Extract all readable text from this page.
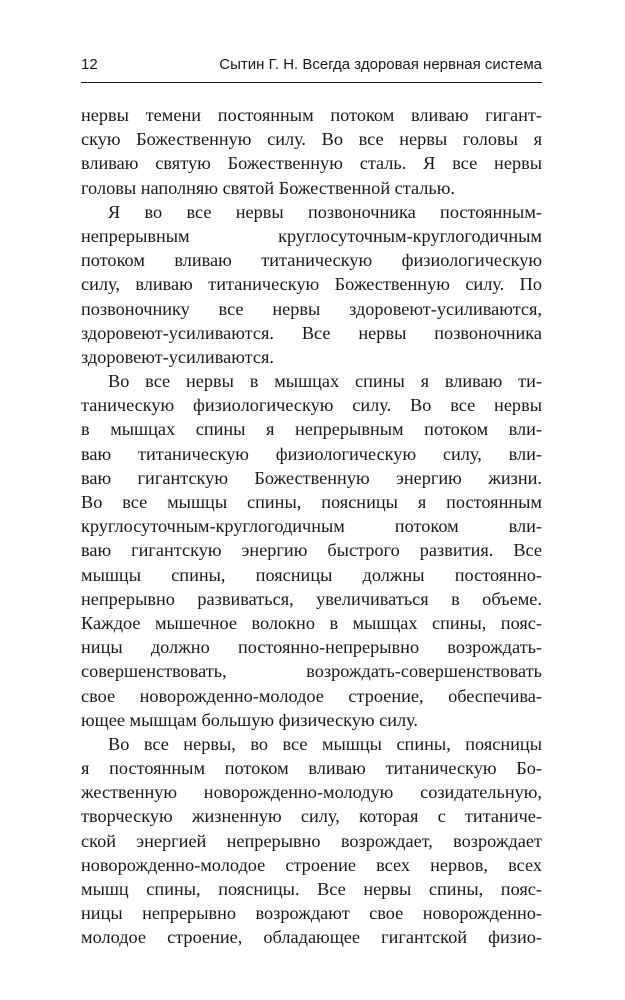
12	Сытин Г. Н. Всегда здоровая нервная система
нервы темени постоянным потоком вливаю гигант-
скую Божественную силу. Во все нервы головы я
вливаю святую Божественную сталь. Я все нервы
головы наполняю святой Божественной сталью.
Я во все нервы позвоночника постоянным-
непрерывным круглосуточным-круглогодичным
потоком вливаю титаническую физиологическую
силу, вливаю титаническую Божественную силу. По
позвоночнику все нервы здоровеют-усиливаются,
здоровеют-усиливаются. Все нервы позвоночника
здоровеют-усиливаются.
Во все нервы в мышцах спины я вливаю ти-
таническую физиологическую силу. Во все нервы
в мышцах спины я непрерывным потоком вли-
ваю титаническую физиологическую силу, вли-
ваю гигантскую Божественную энергию жизни.
Во все мышцы спины, поясницы я постоянным
круглосуточным-круглогодичным потоком вли-
ваю гигантскую энергию быстрого развития. Все
мышцы спины, поясницы должны постоянно-
непрерывно развиваться, увеличиваться в объеме.
Каждое мышечное волокно в мышцах спины, пояс-
ницы должно постоянно-непрерывно возрождать-
совершенствовать, возрождать-совершенствовать
свое новорожденно-молодое строение, обеспечива-
ющее мышцам большую физическую силу.
Во все нервы, во все мышцы спины, поясницы
я постоянным потоком вливаю титаническую Бо-
жественную новорожденно-молодую созидательную,
творческую жизненную силу, которая с титаниче-
ской энергией непрерывно возрождает, возрождает
новорожденно-молодое строение всех нервов, всех
мышц спины, поясницы. Все нервы спины, пояс-
ницы непрерывно возрождают свое новорожденно-
молодое строение, обладающее гигантской физио-
